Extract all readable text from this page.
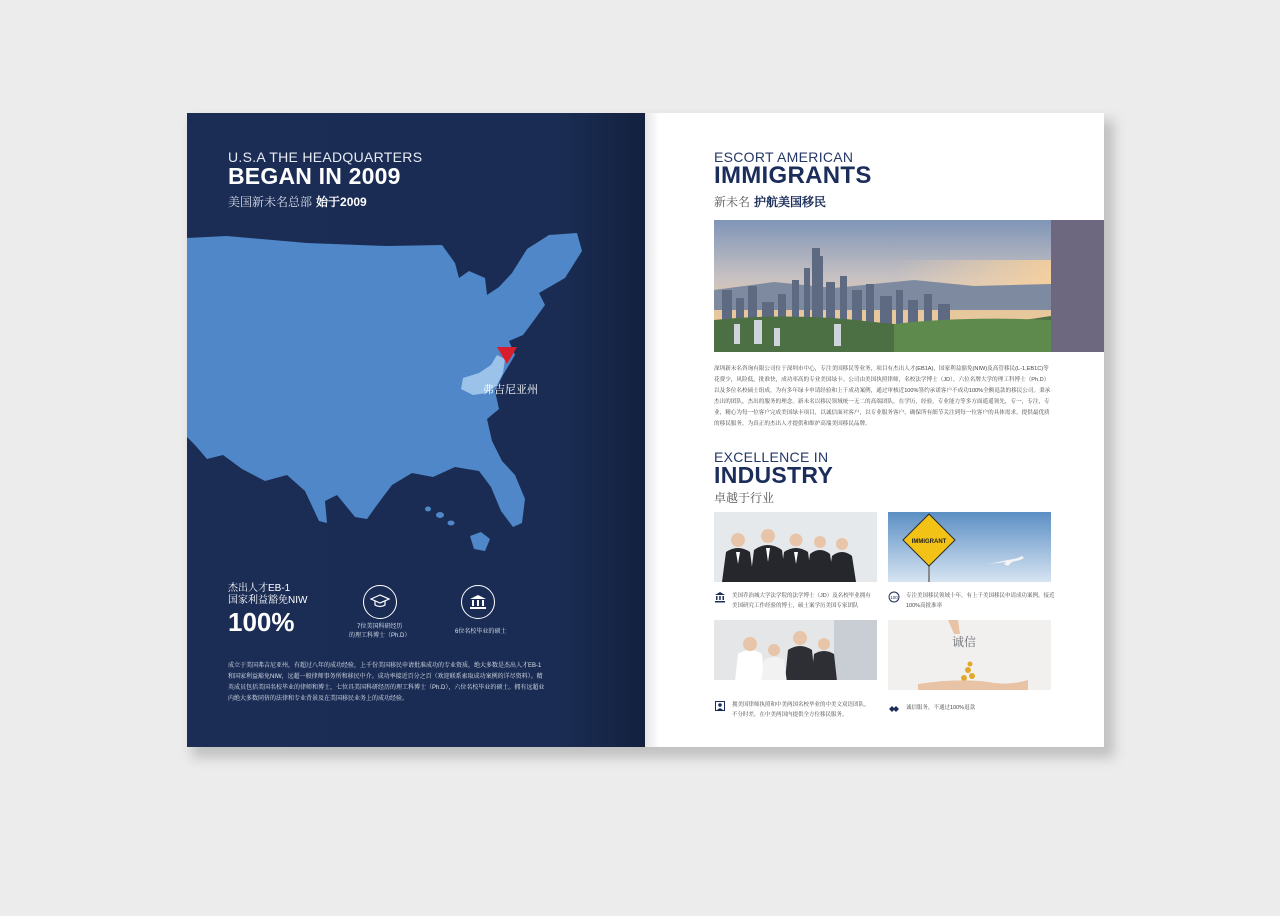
U.S.A THE HEADQUARTERS
BEGAN IN 2009
美国新未名总部 始于2009
弗吉尼亚州
杰出人才EB-1
国家利益豁免NIW
100%	7位美国科研经历
的理工科博士（Ph.D）
6位名校毕业的硕士
成立于美国弗吉尼亚州，有超过八年的成功经验，上千份美国移民申请批准成功的专业资质，绝大多数是杰出人才EB-1和国家利益豁免NIW，远超一般律师事务所和移民中介。成功率接近百分之百（欢迎联系索取成功案例的详尽资料）。精英成员包括美国名校毕业的律师和博士，七位具美国科研经历的理工科博士（Ph.D），六位名校毕业的硕士。拥有远超业内绝大多数同侪的法律和专业背景及在美国移民业务上的成功经验。
ESCORT AMERICAN
IMMIGRANTS
新未名 护航美国移民
深圳新未名咨询有限公司位于深圳市中心，专注美国移民等业务，项目有杰出人才(EB1A)，国家利益豁免(NIW)及高管移民(L-1,EB1C)等花费少，风险低，批准快，成功率高的专业美国绿卡。公司由美国执照律师，名校法学博士（JD），六位名牌大学的理工科博士（Ph.D）以及多位名校硕士组成，为有多年绿卡申请经验和上千成功案例，通过审核近100%签约承诺客户不成功100%全额退款的移民公司。秉承杰出的团队，杰出的服务的理念。新未名以移民领域统一无二的高端团队，在学历，经验，专业能力等多方面遥遥领先，专一，专注，专业，精心为每一位客户完成美国绿卡项目，以诚信面对客户，以专业服务客户，确保所有细节关注到每一位客户的具体需求，提供最优质的移民服务，为真正的杰出人才提供和维护高端美国移民品牌。
EXCELLENCE IN
INDUSTRY
卓越于行业
IMMIGRANT
美国乔治城大学法学院的法学博士（JD）及名校毕业拥有
美国研究工作经验的博士，硕士案学历美国专家团队
100 专注美国移民领域十年，有上千美国移民申请成功案例，接近
100%高批准率
诚信
拥美国律师执照和中美两国名校毕业的中美文双语团队，
不分时差，在中美两国内提供全方位移民服务。
诚信服务，不通过100%退款
